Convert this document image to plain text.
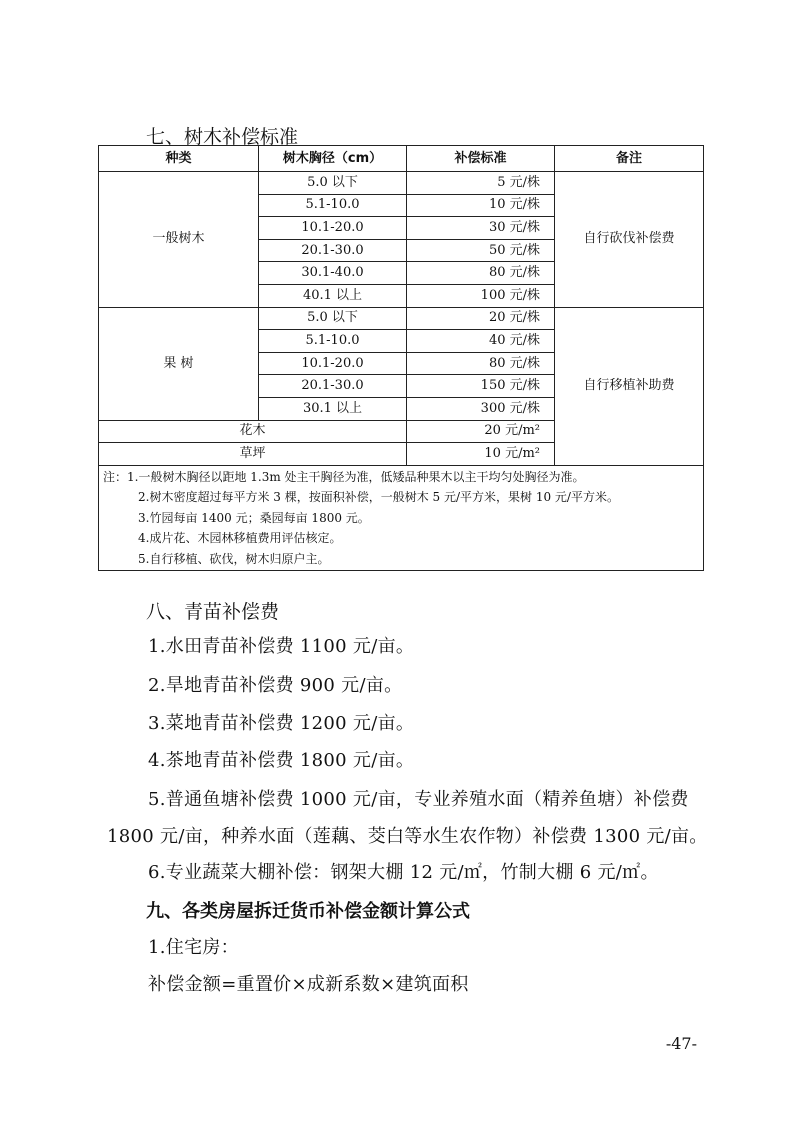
七、树木补偿标准
种类	树木胸径（cm）	补偿标准	备注
一般树木	5.0 以下	5 元/株	自行砍伐补偿费
	5.1-10.0	10 元/株	
	10.1-20.0	30 元/株	
	20.1-30.0	50 元/株	
	30.1-40.0	80 元/株	
	40.1 以上	100 元/株	
果 树	5.0 以下	20 元/株	自行移植补助费
	5.1-10.0	40 元/株	
	10.1-20.0	80 元/株	
	20.1-30.0	150 元/株	
	30.1 以上	300 元/株	
花木		20 元/m²	
草坪		10 元/m²	

注：1.一般树木胸径以距地 1.3m 处主干胸径为准，低矮品种果木以主干均匀处胸径为准。
2.树木密度超过每平方米 3 棵，按面积补偿，一般树木 5 元/平方米，果树 10 元/平方米。
3.竹园每亩 1400 元；桑园每亩 1800 元。
4.成片花、木园林移植费用评估核定。
5.自行移植、砍伐，树木归原户主。			
八、青苗补偿费
1.水田青苗补偿费 1100 元/亩。
2.旱地青苗补偿费 900 元/亩。
3.菜地青苗补偿费 1200 元/亩。
4.茶地青苗补偿费 1800 元/亩。
5.普通鱼塘补偿费 1000 元/亩，专业养殖水面（精养鱼塘）补偿费
1800 元/亩，种养水面（莲藕、茭白等水生农作物）补偿费 1300 元/亩。
6.专业蔬菜大棚补偿：钢架大棚 12 元/㎡，竹制大棚 6 元/㎡。
九、各类房屋拆迁货币补偿金额计算公式
1.住宅房：
补偿金额=重置价×成新系数×建筑面积
-47-
